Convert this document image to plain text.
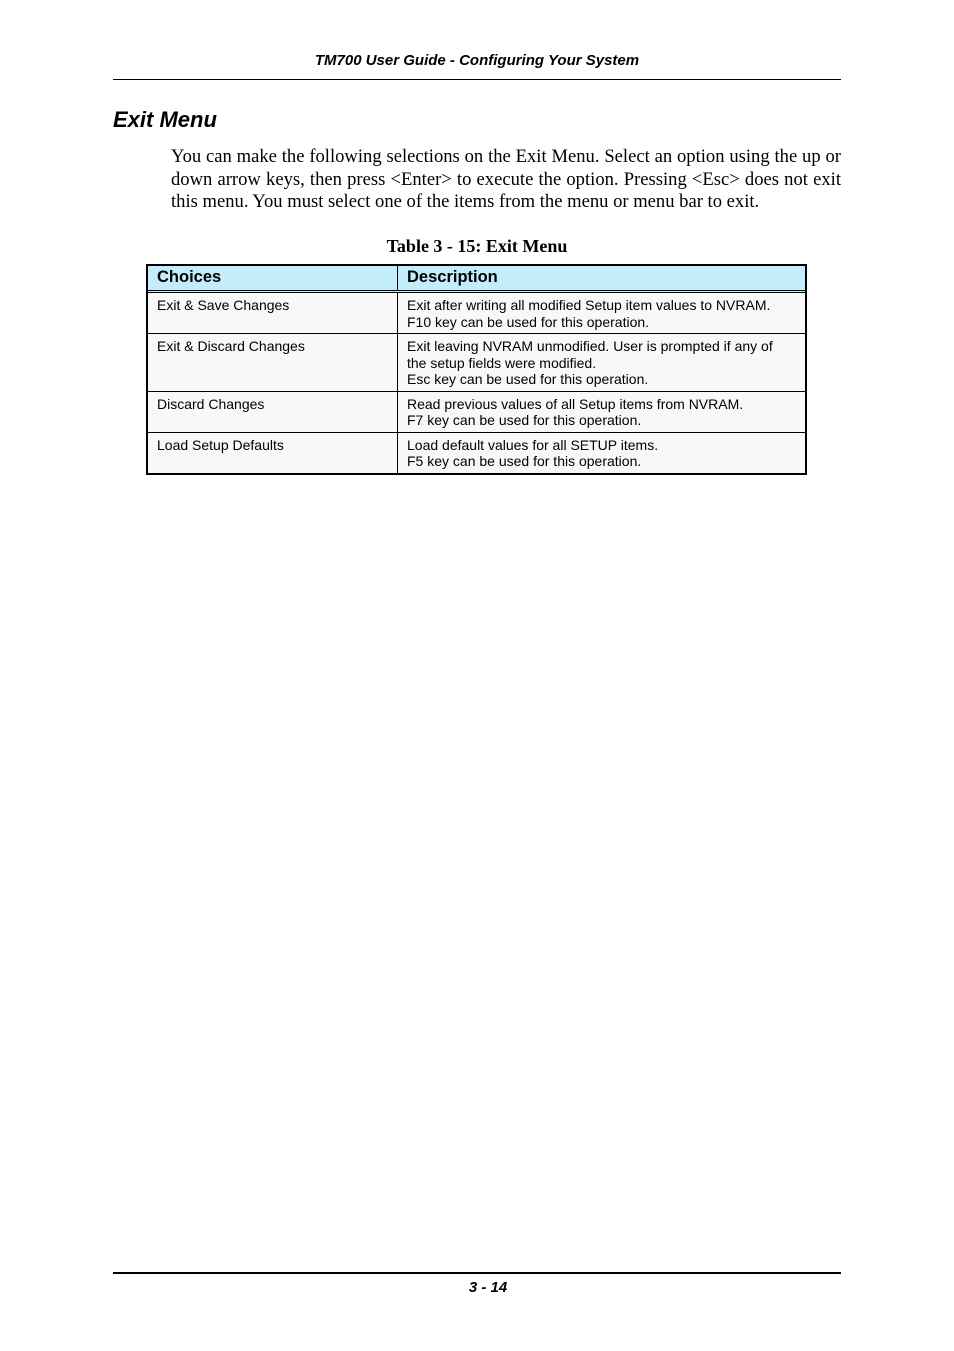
TM700 User Guide - Configuring Your System
Exit Menu

You can make the following selections on the Exit Menu. Select an option using the up or down arrow keys, then press <Enter> to execute the option. Pressing <Esc> does not exit this menu. You must select one of the items from the menu or menu bar to exit.

Table 3 - 15: Exit Menu
Choices	Description
Exit & Save Changes	Exit after writing all modified Setup item values to NVRAM.
F10 key can be used for this operation.
Exit & Discard Changes	Exit leaving NVRAM unmodified. User is prompted if any of the setup fields were modified.
Esc key can be used for this operation.
Discard Changes	Read previous values of all Setup items from NVRAM.
F7 key can be used for this operation.
Load Setup Defaults	Load default values for all SETUP items.
F5 key can be used for this operation.
3 - 14
